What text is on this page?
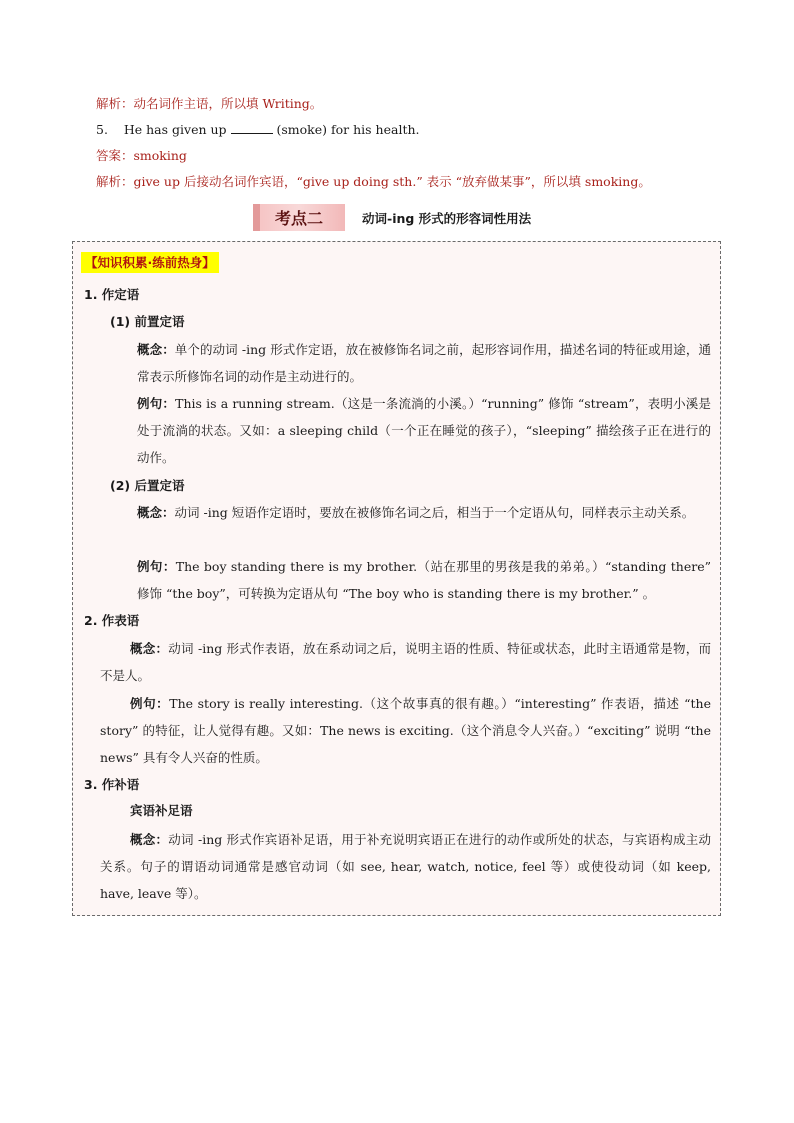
解析：动名词作主语，所以填 Writing。
5. He has given up	(smoke) for his health.
答案：smoking
解析：give up 后接动名词作宾语，“give up doing sth.” 表示 “放弃做某事”，所以填 smoking。
考点二	动词-ing 形式的形容词性用法
【知识积累·练前热身】
1. 作定语
(1) 前置定语
概念：单个的动词 -ing 形式作定语，放在被修饰名词之前，起形容词作用，描述名词的特征或用途，通常表示所修饰名词的动作是主动进行的。
例句：This is a running stream.（这是一条流淌的小溪。）“running” 修饰 “stream”，表明小溪是处于流淌的状态。又如：a sleeping child（一个正在睡觉的孩子），“sleeping” 描绘孩子正在进行的动作。
(2) 后置定语
概念：动词 -ing 短语作定语时，要放在被修饰名词之后，相当于一个定语从句，同样表示主动关系。
例句：The boy standing there is my brother.（站在那里的男孩是我的弟弟。）“standing there” 修饰 “the boy”，可转换为定语从句 “The boy who is standing there is my brother.” 。
2. 作表语
概念：动词 -ing 形式作表语，放在系动词之后，说明主语的性质、特征或状态，此时主语通常是物，而不是人。
例句：The story is really interesting.（这个故事真的很有趣。）“interesting” 作表语，描述 “the story” 的特征，让人觉得有趣。又如：The news is exciting.（这个消息令人兴奋。）“exciting” 说明 “the news” 具有令人兴奋的性质。
3. 作补语
宾语补足语
概念：动词 -ing 形式作宾语补足语，用于补充说明宾语正在进行的动作或所处的状态，与宾语构成主动关系。句子的谓语动词通常是感官动词（如 see, hear, watch, notice, feel 等）或使役动词（如 keep, have, leave 等）。
